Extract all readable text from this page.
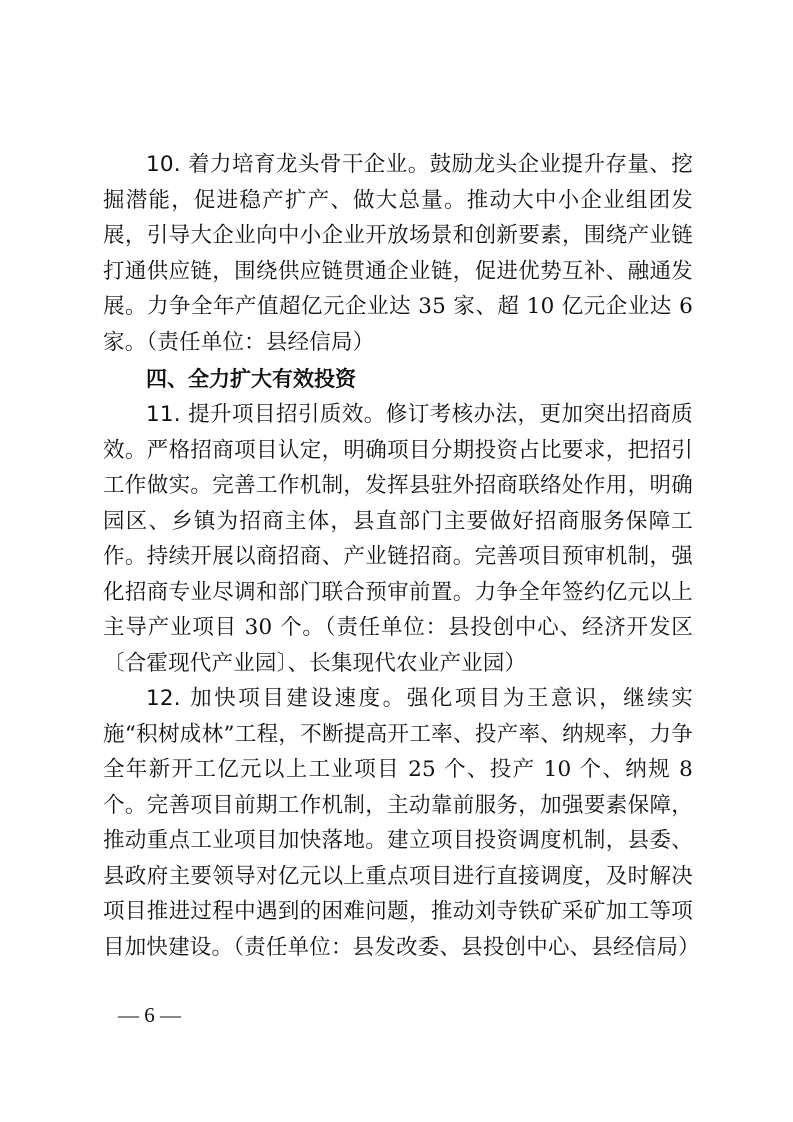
10. 着力培育龙头骨干企业。鼓励龙头企业提升存量、挖掘潜能，促进稳产扩产、做大总量。推动大中小企业组团发展，引导大企业向中小企业开放场景和创新要素，围绕产业链打通供应链，围绕供应链贯通企业链，促进优势互补、融通发展。力争全年产值超亿元企业达 35 家、超 10 亿元企业达 6 家。（责任单位：县经信局）

四、全力扩大有效投资

11. 提升项目招引质效。修订考核办法，更加突出招商质效。严格招商项目认定，明确项目分期投资占比要求，把招引工作做实。完善工作机制，发挥县驻外招商联络处作用，明确园区、乡镇为招商主体，县直部门主要做好招商服务保障工作。持续开展以商招商、产业链招商。完善项目预审机制，强化招商专业尽调和部门联合预审前置。力争全年签约亿元以上主导产业项目 30 个。（责任单位：县投创中心、经济开发区〔合霍现代产业园〕、长集现代农业产业园）

12. 加快项目建设速度。强化项目为王意识，继续实施“积树成林”工程，不断提高开工率、投产率、纳规率，力争全年新开工亿元以上工业项目 25 个、投产 10 个、纳规 8 个。完善项目前期工作机制，主动靠前服务，加强要素保障，推动重点工业项目加快落地。建立项目投资调度机制，县委、县政府主要领导对亿元以上重点项目进行直接调度，及时解决项目推进过程中遇到的困难问题，推动刘寺铁矿采矿加工等项目加快建设。（责任单位：县发改委、县投创中心、县经信局）

— 6 —
